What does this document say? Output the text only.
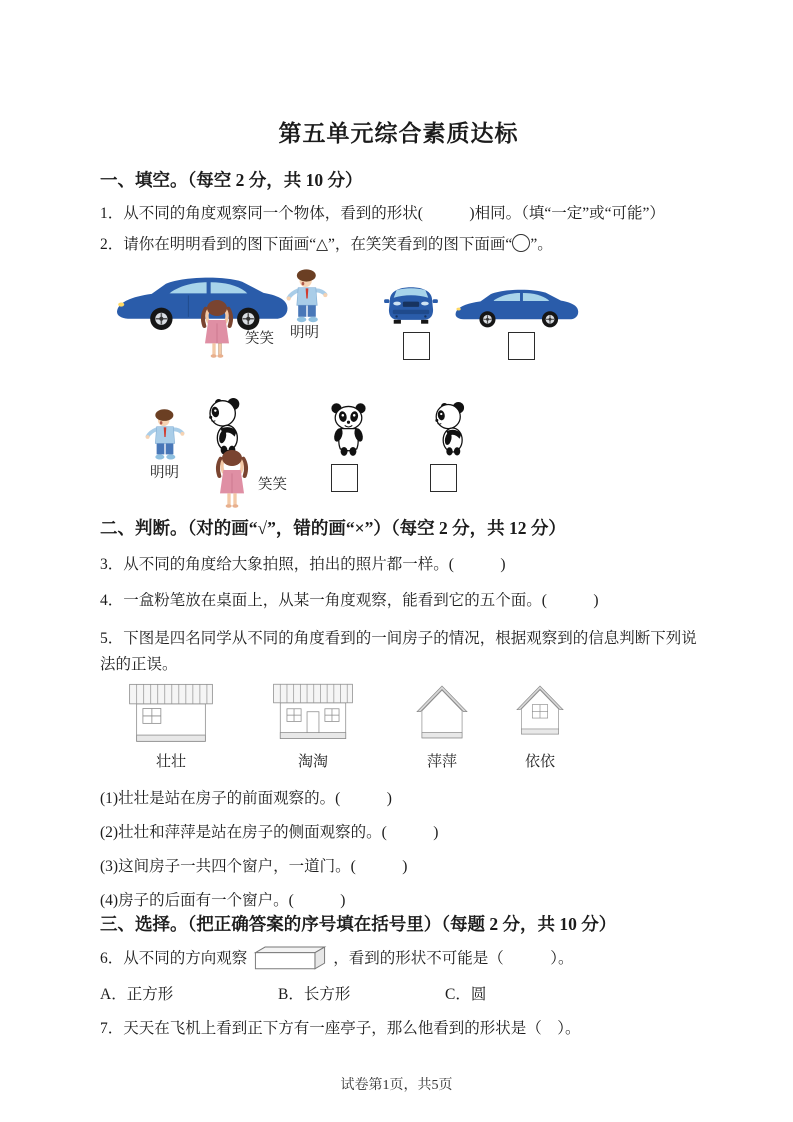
第五单元综合素质达标
一、填空。（每空 2 分，共 10 分）
1．从不同的角度观察同一个物体，看到的形状(　　　)相同。（填“一定”或“可能”）
2．请你在明明看到的图下面画“△”，在笑笑看到的图下面画“ ”。
笑笑 明明
明明
笑笑
二、判断。（对的画“√”，错的画“×”）（每空 2 分，共 12 分）
3．从不同的角度给大象拍照，拍出的照片都一样。(　　　)
4．一盒粉笔放在桌面上，从某一角度观察，能看到它的五个面。(　　　)
5．下图是四名同学从不同的角度看到的一间房子的情况，根据观察到的信息判断下列说法的正误。
壮壮	淘淘	萍萍	依依
(1)壮壮是站在房子的前面观察的。(　　　)
(2)壮壮和萍萍是站在房子的侧面观察的。(　　　)
(3)这间房子一共四个窗户，一道门。(　　　)
(4)房子的后面有一个窗户。(　　　)
三、选择。（把正确答案的序号填在括号里）（每题 2 分，共 10 分）
6．从不同的方向观察	，看到的形状不可能是（　　　）。
A．正方形	B．长方形	C．圆
7．天天在飞机上看到正下方有一座亭子，那么他看到的形状是（　）。
试卷第1页，共5页
